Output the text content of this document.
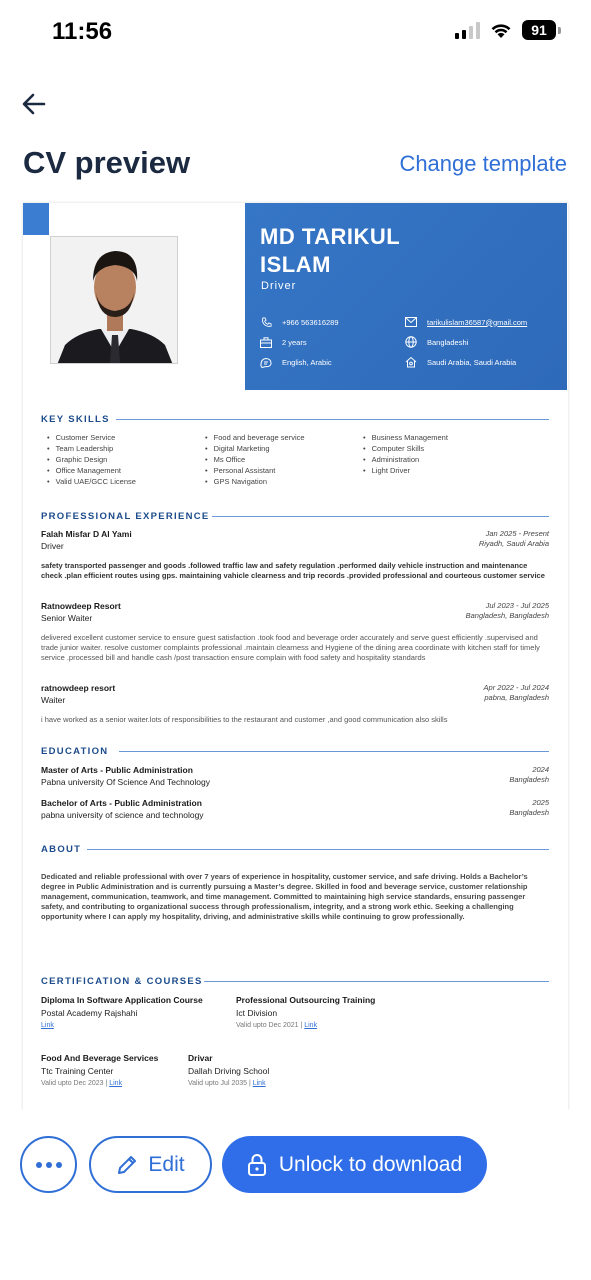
11:56	91
CV preview	Change template
MD TARIKUL ISLAM
Driver
+966 563616289	tarikulislam36587@gmail.com
2 years	Bangladeshi
English, Arabic	Saudi Arabia, Saudi Arabia
KEY SKILLS
• Customer Service	• Food and beverage service	• Business Management
• Team Leadership	• Digital Marketing	• Computer Skills
• Graphic Design	• Ms Office	• Administration
• Office Management	• Personal Assistant	• Light Driver
• Valid UAE/GCC License	• GPS Navigation
PROFESSIONAL EXPERIENCE
Falah Misfar D Al Yami	Jan 2025 - Present
Driver	Riyadh, Saudi Arabia
safety transported passenger and goods .followed traffic law and safety regulation .performed daily vehicle instruction and maintenance check .plan efficient routes using gps. maintaining vahicle clearness and trip records .provided professional and courteous customer service
Ratnowdeep Resort	Jul 2023 - Jul 2025
Senior Waiter	Bangladesh, Bangladesh
delivered excellent customer service to ensure guest satisfaction .took food and beverage order accurately and serve guest efficiently .supervised and trade junior waiter. resolve customer complaints professional .maintain clearness and Hygiene of the dining area coordinate with kitchen staff for timely service .processed bill and handle cash /post transaction ensure complain with food safety and hospitality standards
ratnowdeep resort	Apr 2022 - Jul 2024
Waiter	pabna, Bangladesh
i have worked as a senior waiter.lots of responsibilities to the restaurant and customer ,and good communication also skills
EDUCATION
Master of Arts - Public Administration	2024
Pabna university Of Science And Technology	Bangladesh
Bachelor of Arts - Public Administration	2025
pabna university of science and technology	Bangladesh
ABOUT
Dedicated and reliable professional with over 7 years of experience in hospitality, customer service, and safe driving. Holds a Bachelor’s degree in Public Administration and is currently pursuing a Master’s degree. Skilled in food and beverage service, customer relationship management, communication, teamwork, and time management. Committed to maintaining high service standards, ensuring passenger safety, and contributing to organizational success through professionalism, integrity, and a strong work ethic. Seeking a challenging opportunity where I can apply my hospitality, driving, and administrative skills while continuing to grow professionally.
CERTIFICATION & COURSES
Diploma In Software Application Course
Postal Academy Rajshahi
Link
Professional Outsourcing Training
Ict Division
Valid upto Dec 2021 | Link
Food And Beverage Services
Ttc Training Center
Valid upto Dec 2023 | Link
Drivar
Dallah Driving School
Valid upto Jul 2035 | Link
Edit	Unlock to download
